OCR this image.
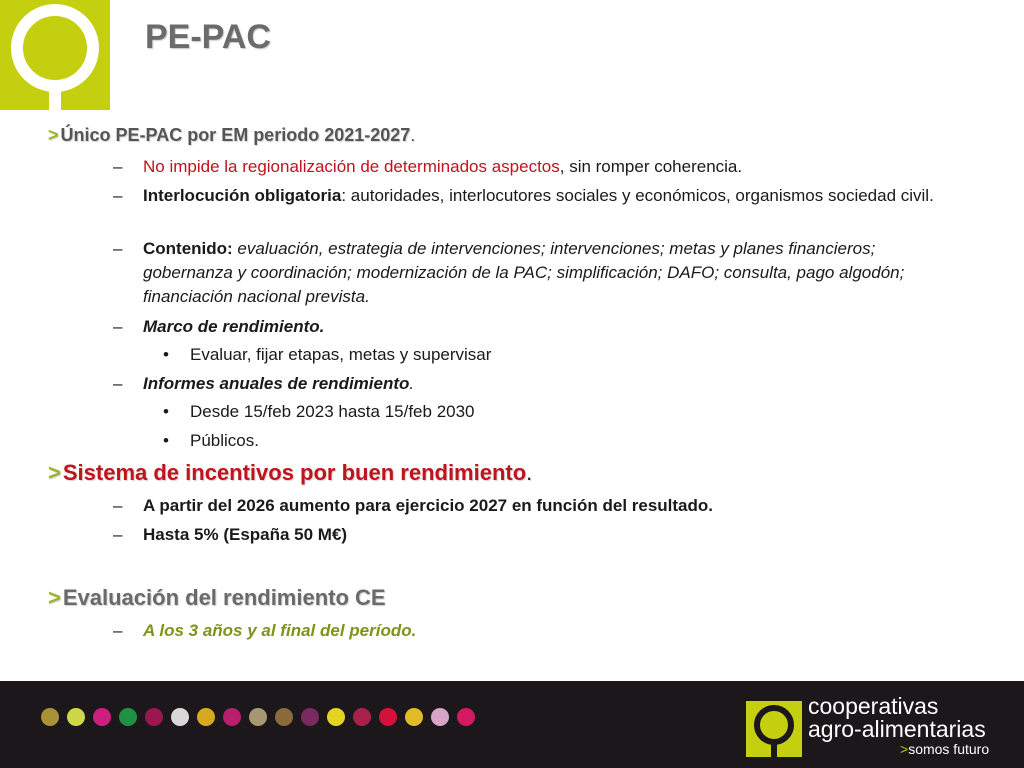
PE-PAC
> Único PE-PAC por EM periodo 2021-2027.
– No impide la regionalización de determinados aspectos, sin romper coherencia.
– Interlocución obligatoria: autoridades, interlocutores sociales y económicos, organismos sociedad civil.
– Contenido: evaluación, estrategia de intervenciones; intervenciones; metas y planes financieros; gobernanza y coordinación; modernización de la PAC; simplificación; DAFO; consulta, pago algodón; financiación nacional prevista.
– Marco de rendimiento.
• Evaluar, fijar etapas, metas y supervisar
– Informes anuales de rendimiento.
• Desde 15/feb 2023 hasta 15/feb 2030
• Públicos.
>Sistema de incentivos por buen rendimiento.
– A partir del 2026 aumento para ejercicio 2027 en función del resultado.
– Hasta 5% (España 50 M€)
>Evaluación del rendimiento CE
– A los 3 años y al final del período.
cooperativas
agro-alimentarias
>somos futuro
